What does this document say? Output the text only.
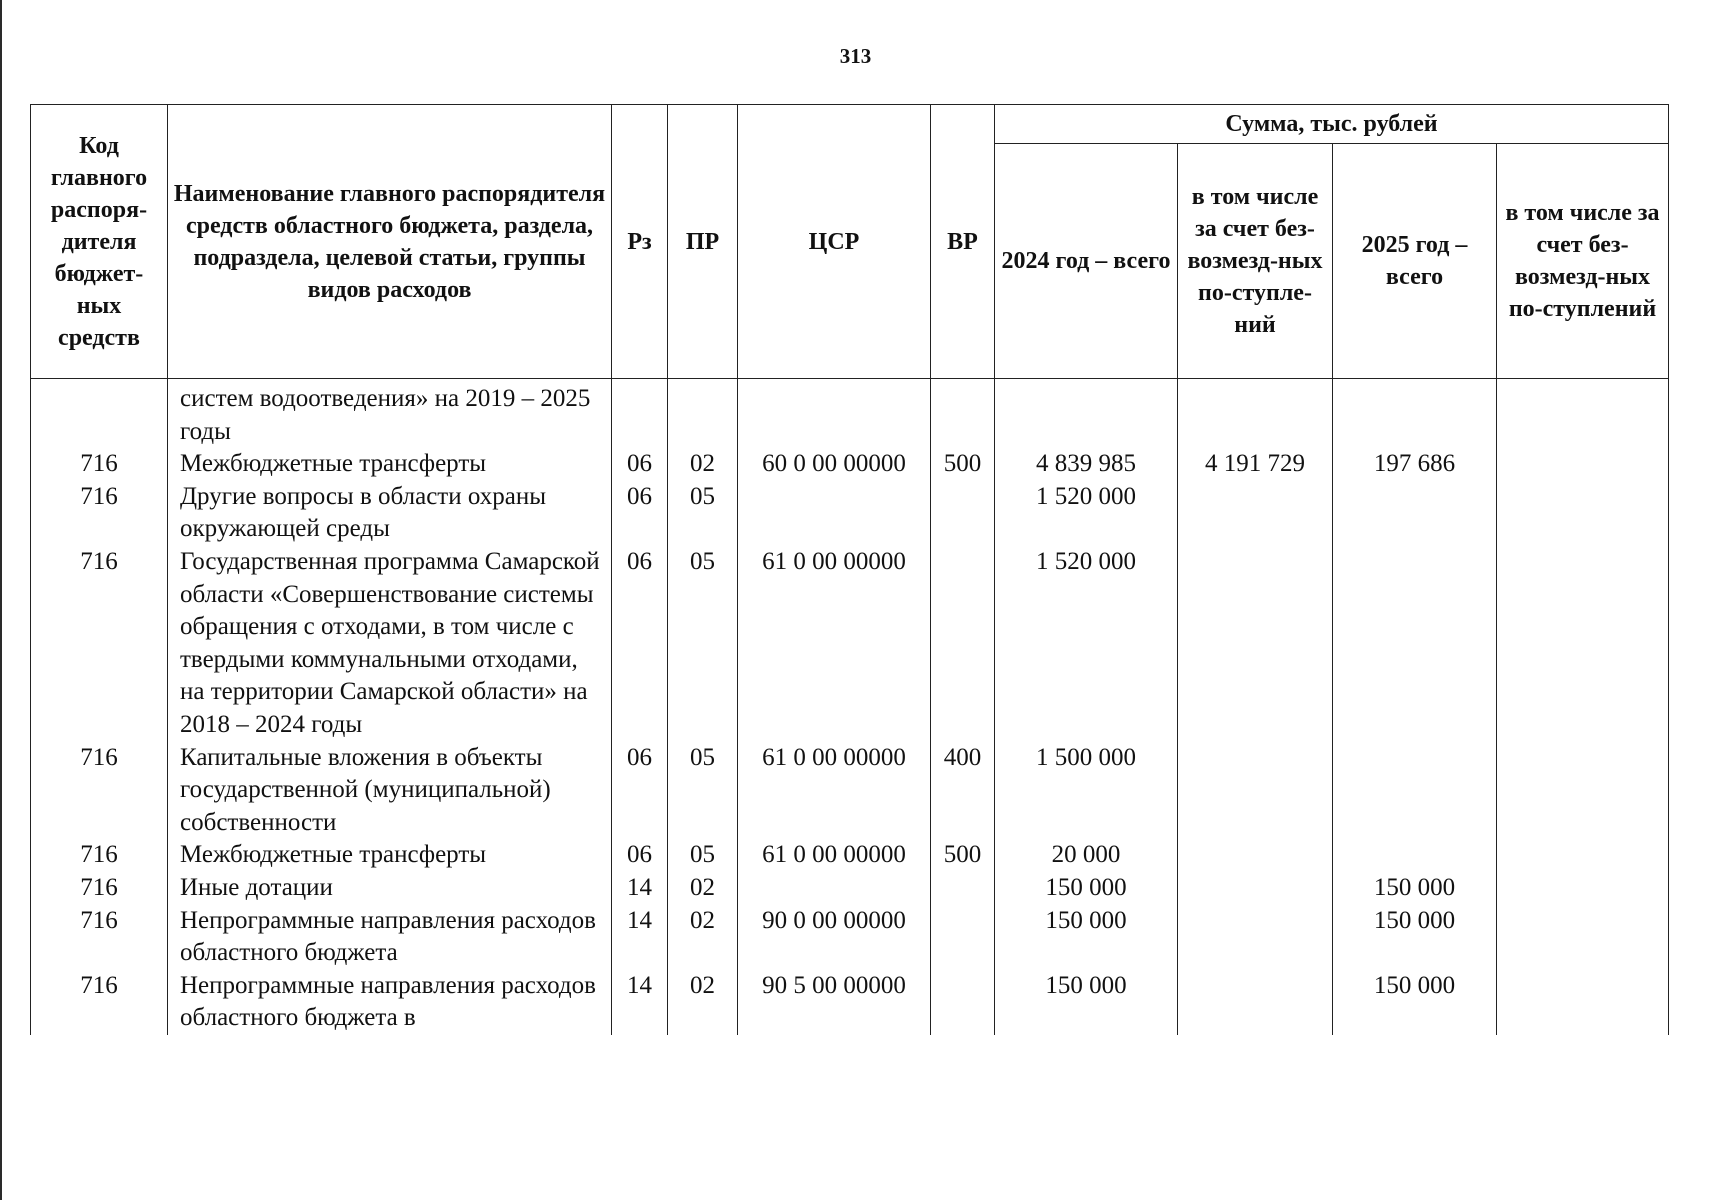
313
Код главного распоря-дителя бюджет-ных средств	Наименование главного распорядителя средств областного бюджета, раздела, подраздела, целевой статьи, группы видов расходов	Рз	ПР	ЦСР	ВР	Сумма, тыс. рублей			
						2024 год – всего	в том числе за счет без-возмезд-ных по-ступле-ний	2025 год – всего	в том числе за счет без-возмезд-ных по-ступлений
	систем водоотведения» на 2019 – 2025 годы								
716	Межбюджетные трансферты	06	02	60 0 00 00000	500	4 839 985	4 191 729	197 686	
716	Другие вопросы в области охраны окружающей среды	06	05			1 520 000			
716	Государственная программа Самарской области «Совершенствование системы обращения с отходами, в том числе с твердыми коммунальными отходами, на территории Самарской области» на 2018 – 2024 годы	06	05	61 0 00 00000		1 520 000			
716	Капитальные вложения в объекты государственной (муниципальной) собственности	06	05	61 0 00 00000	400	1 500 000			
716	Межбюджетные трансферты	06	05	61 0 00 00000	500	20 000			
716	Иные дотации	14	02			150 000		150 000	
716	Непрограммные направления расходов областного бюджета	14	02	90 0 00 00000		150 000		150 000	
716	Непрограммные направления расходов областного бюджета в	14	02	90 5 00 00000		150 000		150 000	
